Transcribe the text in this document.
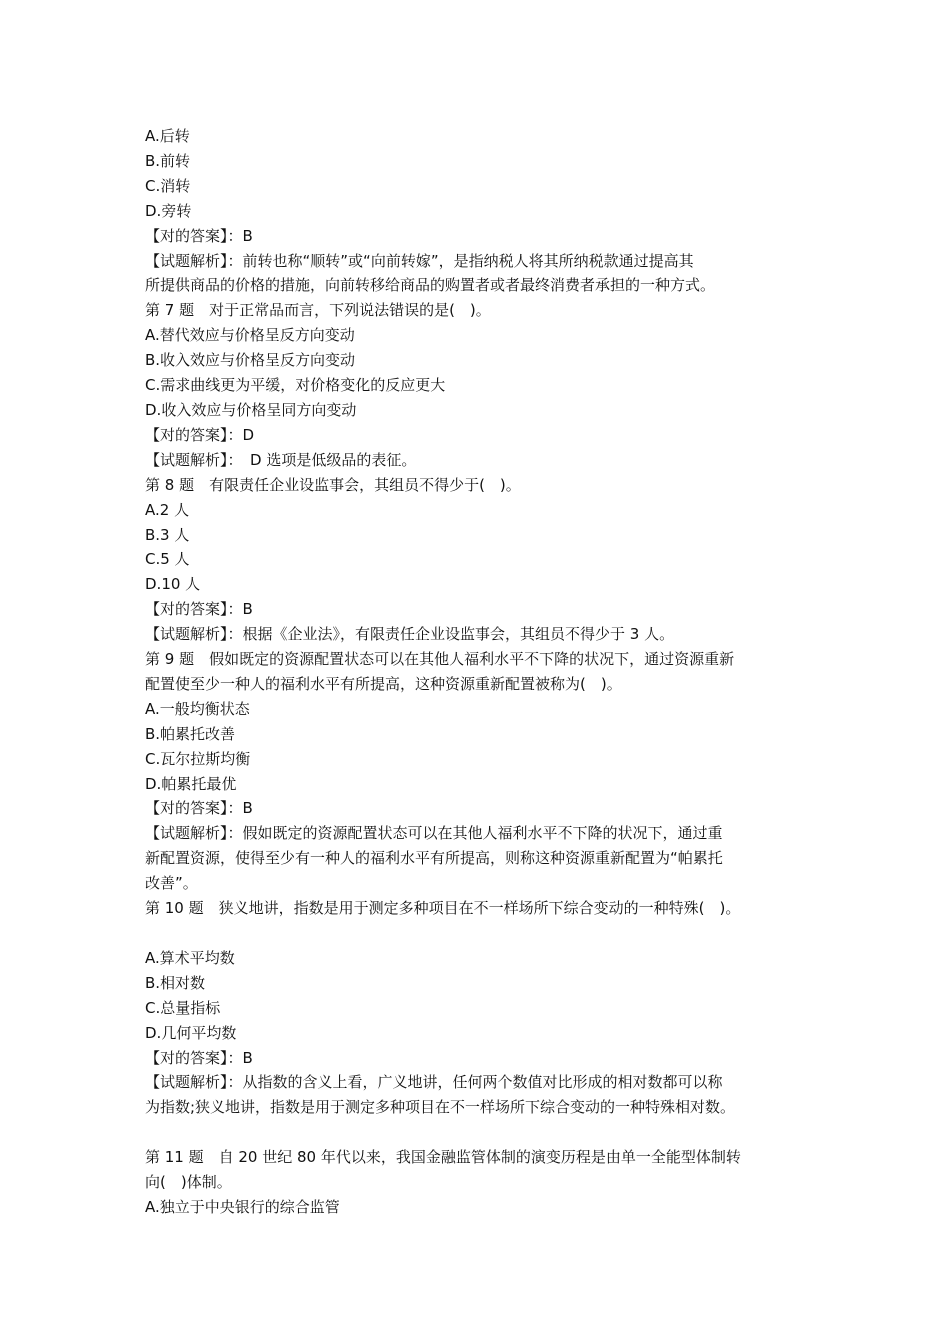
A.后转
B.前转
C.消转
D.旁转
【对的答案】：B
【试题解析】：前转也称“顺转”或“向前转嫁”，是指纳税人将其所纳税款通过提高其
所提供商品的价格的措施，向前转移给商品的购置者或者最终消费者承担的一种方式。
第 7 题　对于正常品而言，下列说法错误的是(　)。
A.替代效应与价格呈反方向变动
B.收入效应与价格呈反方向变动
C.需求曲线更为平缓，对价格变化的反应更大
D.收入效应与价格呈同方向变动
【对的答案】：D
【试题解析】：　D 选项是低级品的表征。
第 8 题　有限责任企业设监事会，其组员不得少于(　)。
A.2 人
B.3 人
C.5 人
D.10 人
【对的答案】：B
【试题解析】：根据《企业法》，有限责任企业设监事会，其组员不得少于 3 人。
第 9 题　假如既定的资源配置状态可以在其他人福利水平不下降的状况下，通过资源重新
配置使至少一种人的福利水平有所提高，这种资源重新配置被称为(　)。
A.一般均衡状态
B.帕累托改善
C.瓦尔拉斯均衡
D.帕累托最优
【对的答案】：B
【试题解析】：假如既定的资源配置状态可以在其他人福利水平不下降的状况下，通过重
新配置资源，使得至少有一种人的福利水平有所提高，则称这种资源重新配置为“帕累托
改善”。
第 10 题　狭义地讲，指数是用于测定多种项目在不一样场所下综合变动的一种特殊(　)。
A.算术平均数
B.相对数
C.总量指标
D.几何平均数
【对的答案】：B
【试题解析】：从指数的含义上看，广义地讲，任何两个数值对比形成的相对数都可以称
为指数;狭义地讲，指数是用于测定多种项目在不一样场所下综合变动的一种特殊相对数。
第 11 题　自 20 世纪 80 年代以来，我国金融监管体制的演变历程是由单一全能型体制转
向(　)体制。
A.独立于中央银行的综合监管
